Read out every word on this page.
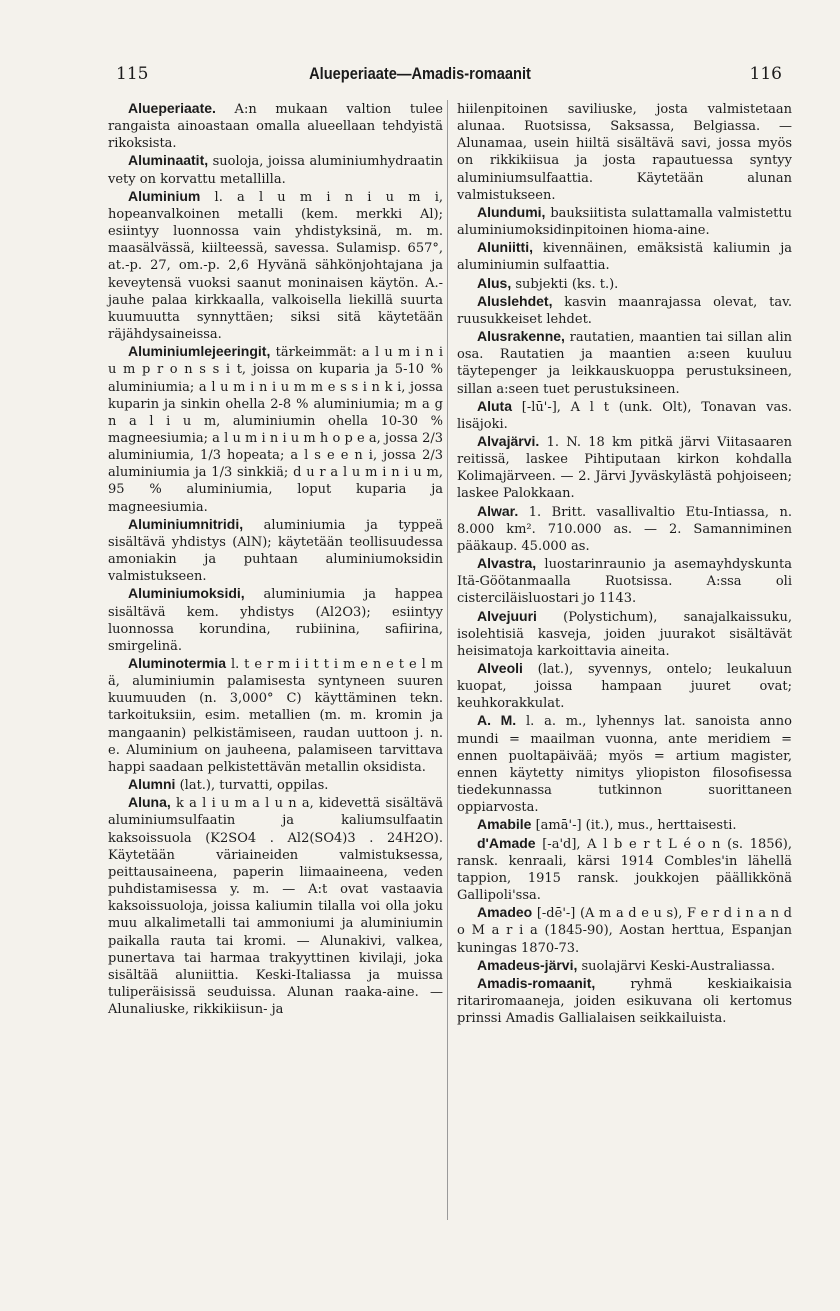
115	Alueperiaate—Amadis-romaanit	116

Alueperiaate. A:n mukaan valtion tulee rangaista ainoastaan omalla alueellaan tehdyistä rikoksista.

Aluminaatit, suoloja, joissa aluminiumhydraatin vety on korvattu metallilla.

Aluminium l. a l u m i n i u m i, hopeanvalkoinen metalli (kem. merkki Al); esiintyy luonnossa vain yhdistyksinä, m. m. maasälvässä, kiilteessä, savessa. Sulamisp. 657°, at.-p. 27, om.-p. 2,6 Hyvänä sähkönjohtajana ja keveytensä vuoksi saanut moninaisen käytön. A.-jauhe palaa kirkkaalla, valkoisella liekillä suurta kuumuutta synnyttäen; siksi sitä käytetään räjähdysaineissa.

Aluminiumlejeeringit, tärkeimmät: a l u m i n i u m p r o n s s i t, joissa on kuparia ja 5-10 % aluminiumia; a l u m i n i u m m e s s i n k i, jossa kuparin ja sinkin ohella 2-8 % aluminiumia; m a g n a l i u m, aluminiumin ohella 10-30 % magneesiumia; a l u m i n i u m h o p e a, jossa 2/3 aluminiumia, 1/3 hopeata; a l s e e n i, jossa 2/3 aluminiumia ja 1/3 sinkkiä; d u r a l u m i n i u m, 95 % aluminiumia, loput kuparia ja magneesiumia.

Aluminiumnitridi, aluminiumia ja typpeä sisältävä yhdistys (AlN); käytetään teollisuudessa amoniakin ja puhtaan aluminiumoksidin valmistukseen.

Aluminiumoksidi, aluminiumia ja happea sisältävä kem. yhdistys (Al2O3); esiintyy luonnossa korundina, rubiinina, safiirina, smirgelinä.

Aluminotermia l. t e r m i i t t i m e n e t e l m ä, aluminiumin palamisesta syntyneen suuren kuumuuden (n. 3,000° C) käyttäminen tekn. tarkoituksiin, esim. metallien (m. m. kromin ja mangaanin) pelkistämiseen, raudan uuttoon j. n. e. Aluminium on jauheena, palamiseen tarvittava happi saadaan pelkistettävän metallin oksidista.

Alumni (lat.), turvatti, oppilas.

Aluna, k a l i u m a l u n a, kidevettä sisältävä aluminiumsulfaatin ja kaliumsulfaatin kaksoissuola (K2SO4 . Al2(SO4)3 . 24H2O). Käytetään väriaineiden valmistuksessa, peittausaineena, paperin liimaaineena, veden puhdistamisessa y. m. — A:t ovat vastaavia kaksoissuoloja, joissa kaliumin tilalla voi olla joku muu alkalimetalli tai ammoniumi ja aluminiumin paikalla rauta tai kromi. — Alunakivi, valkea, punertava tai harmaa trakyyttinen kivilaji, joka sisältää aluniittia. Keski-Italiassa ja muissa tuliperäisissä seuduissa. Alunan raaka-aine. — Alunaliuske, rikkikiisun- ja

hiilenpitoinen saviliuske, josta valmistetaan alunaa. Ruotsissa, Saksassa, Belgiassa. — Alunamaa, usein hiiltä sisältävä savi, jossa myös on rikkikiisua ja josta rapautuessa syntyy aluminiumsulfaattia. Käytetään alunan valmistukseen.

Alundumi, bauksiitista sulattamalla valmistettu aluminiumoksidinpitoinen hioma-aine.

Aluniitti, kivennäinen, emäksistä kaliumin ja aluminiumin sulfaattia.

Alus, subjekti (ks. t.).

Aluslehdet, kasvin maanrajassa olevat, tav. ruusukkeiset lehdet.

Alusrakenne, rautatien, maantien tai sillan alin osa. Rautatien ja maantien a:seen kuuluu täytepenger ja leikkauskuoppa perustuksineen, sillan a:seen tuet perustuksineen.

Aluta [-lū'-], A l t (unk. Olt), Tonavan vas. lisäjoki.

Alvajärvi. 1. N. 18 km pitkä järvi Viitasaaren reitissä, laskee Pihtiputaan kirkon kohdalla Kolimajärveen. — 2. Järvi Jyväskylästä pohjoiseen; laskee Palokkaan.

Alwar. 1. Britt. vasallivaltio Etu-Intiassa, n. 8.000 km². 710.000 as. — 2. Samanniminen pääkaup. 45.000 as.

Alvastra, luostarinraunio ja asemayhdyskunta Itä-Göötanmaalla Ruotsissa. A:ssa oli cisterciläisluostari jo 1143.

Alvejuuri (Polystichum), sanajalkaissuku, isolehtisiä kasveja, joiden juurakot sisältävät heisimatoja karkoittavia aineita.

Alveoli (lat.), syvennys, ontelo; leukaluun kuopat, joissa hampaan juuret ovat; keuhkorakkulat.

A. M. l. a. m., lyhennys lat. sanoista anno mundi = maailman vuonna, ante meridiem = ennen puoltapäivää; myös = artium magister, ennen käytetty nimitys yliopiston filosofisessa tiedekunnassa tutkinnon suorittaneen oppiarvosta.

Amabile [amā'-] (it.), mus., herttaisesti.

d'Amade [-a'd], A l b e r t L é o n (s. 1856), ransk. kenraali, kärsi 1914 Combles'in lähellä tappion, 1915 ransk. joukkojen päällikkönä Gallipoli'ssa.

Amadeo [-dē'-] (A m a d e u s), F e r d i n a n d o M a r i a (1845-90), Aostan herttua, Espanjan kuningas 1870-73.

Amadeus-järvi, suolajärvi Keski-Australiassa.

Amadis-romaanit, ryhmä keskiaikaisia ritariromaaneja, joiden esikuvana oli kertomus prinssi Amadis Gallialaisen seikkailuista.
